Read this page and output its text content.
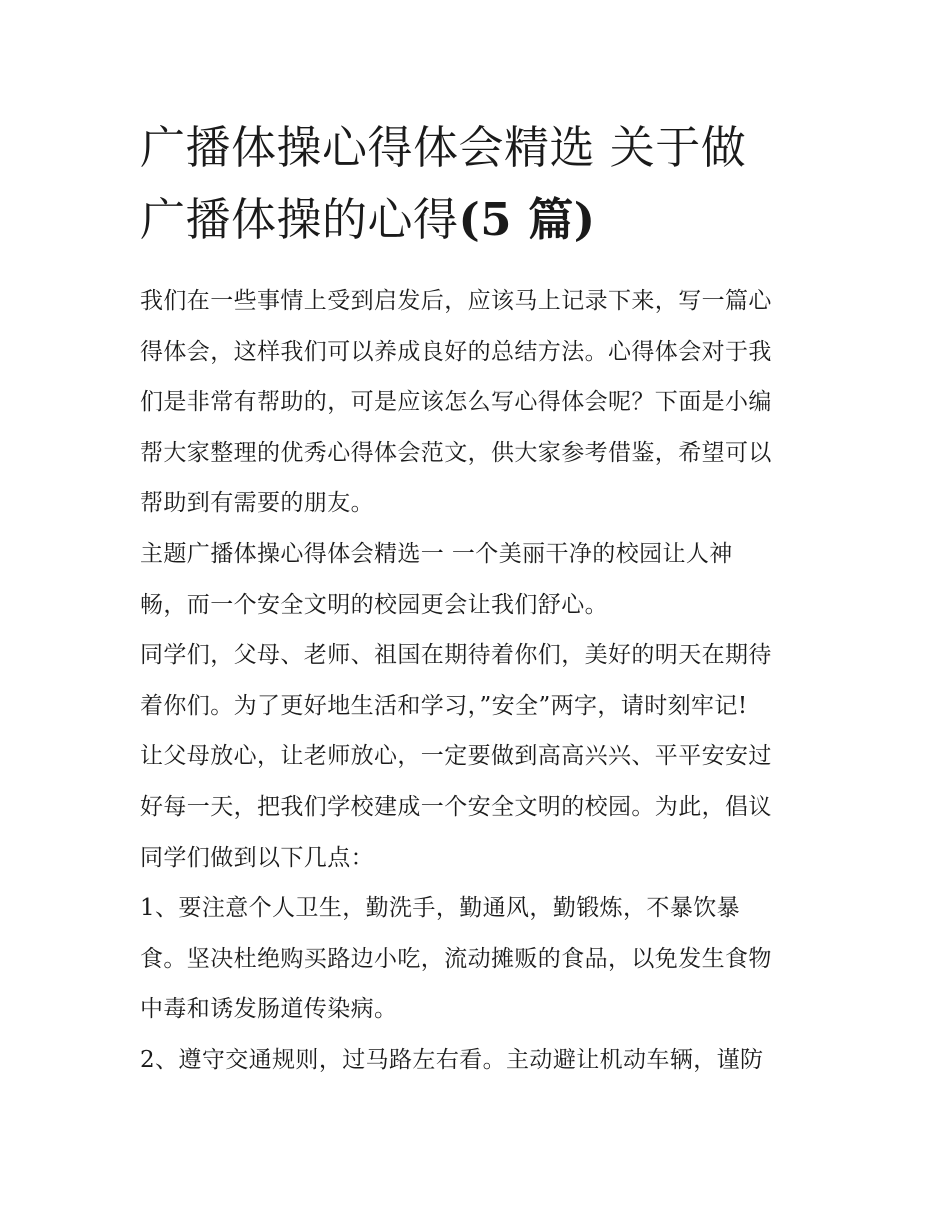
广播体操心得体会精选 关于做
广播体操的心得(5 篇)

我们在一些事情上受到启发后，应该马上记录下来，写一篇心
得体会，这样我们可以养成良好的总结方法。心得体会对于我
们是非常有帮助的，可是应该怎么写心得体会呢？下面是小编
帮大家整理的优秀心得体会范文，供大家参考借鉴，希望可以
帮助到有需要的朋友。

主题广播体操心得体会精选一 一个美丽干净的校园让人神
畅，而一个安全文明的校园更会让我们舒心。

同学们，父母、老师、祖国在期待着你们，美好的明天在期待
着你们。为了更好地生活和学习，”安全”两字，请时刻牢记!
让父母放心，让老师放心，一定要做到高高兴兴、平平安安过
好每一天，把我们学校建成一个安全文明的校园。为此，倡议
同学们做到以下几点：

1、要注意个人卫生，勤洗手，勤通风，勤锻炼，不暴饮暴
食。坚决杜绝购买路边小吃，流动摊贩的食品，以免发生食物
中毒和诱发肠道传染病。

2、遵守交通规则，过马路左右看。主动避让机动车辆，谨防
